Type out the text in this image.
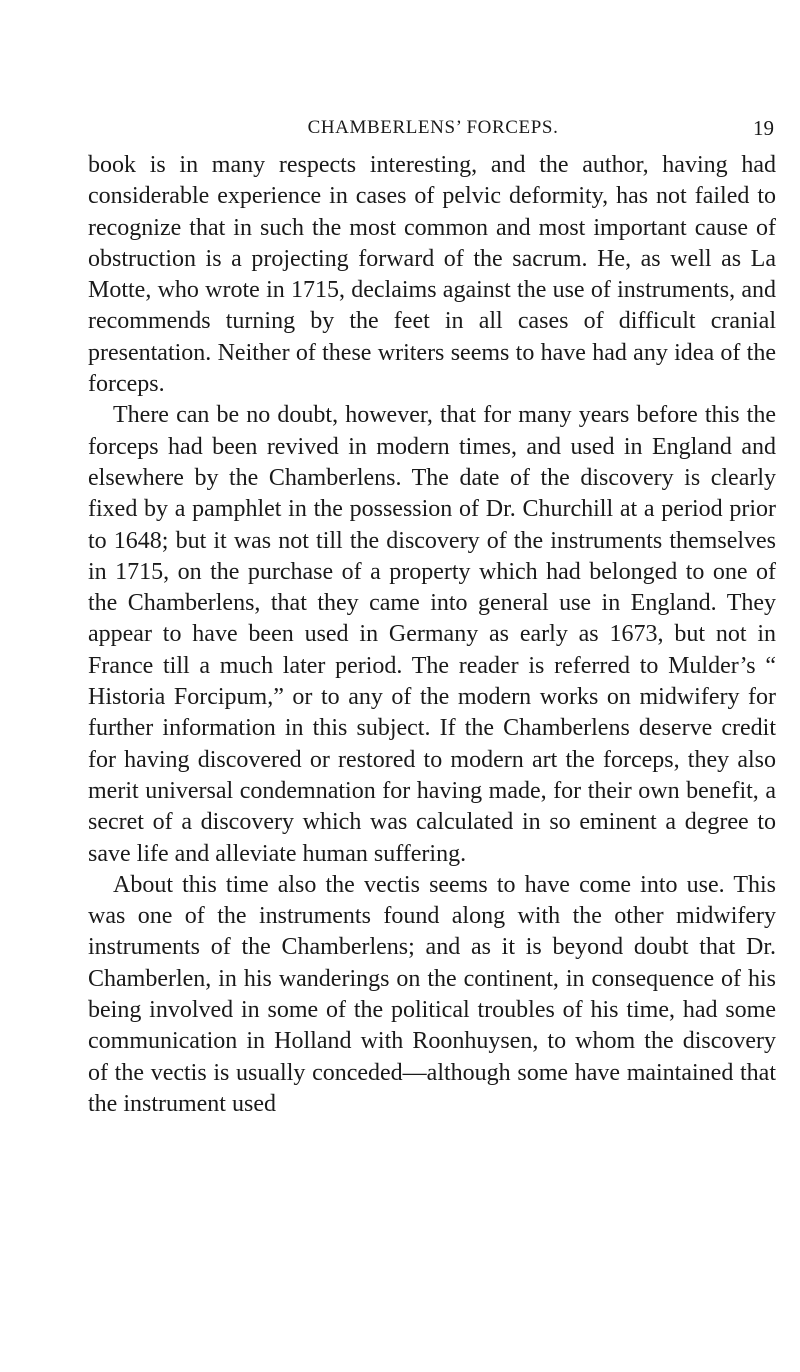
CHAMBERLENS’ FORCEPS.	19

book is in many respects interesting, and the author, having had considerable experience in cases of pelvic deformity, has not failed to recognize that in such the most common and most important cause of obstruction is a projecting forward of the sacrum. He, as well as La Motte, who wrote in 1715, declaims against the use of instruments, and recommends turning by the feet in all cases of difficult cranial presentation. Neither of these writers seems to have had any idea of the forceps.

There can be no doubt, however, that for many years before this the forceps had been revived in modern times, and used in England and elsewhere by the Chamberlens. The date of the discovery is clearly fixed by a pamphlet in the possession of Dr. Churchill at a period prior to 1648; but it was not till the discovery of the instruments themselves in 1715, on the purchase of a property which had belonged to one of the Chamberlens, that they came into general use in England. They appear to have been used in Germany as early as 1673, but not in France till a much later period. The reader is referred to Mulder’s “ Historia Forcipum,” or to any of the modern works on midwifery for further information in this subject. If the Chamberlens deserve credit for having discovered or restored to modern art the forceps, they also merit universal condemnation for having made, for their own benefit, a secret of a discovery which was calculated in so eminent a degree to save life and alleviate human suffering.

About this time also the vectis seems to have come into use. This was one of the instruments found along with the other midwifery instruments of the Chamberlens; and as it is beyond doubt that Dr. Chamberlen, in his wanderings on the continent, in consequence of his being involved in some of the political troubles of his time, had some communication in Holland with Roonhuysen, to whom the discovery of the vectis is usually conceded—although some have maintained that the instrument used
